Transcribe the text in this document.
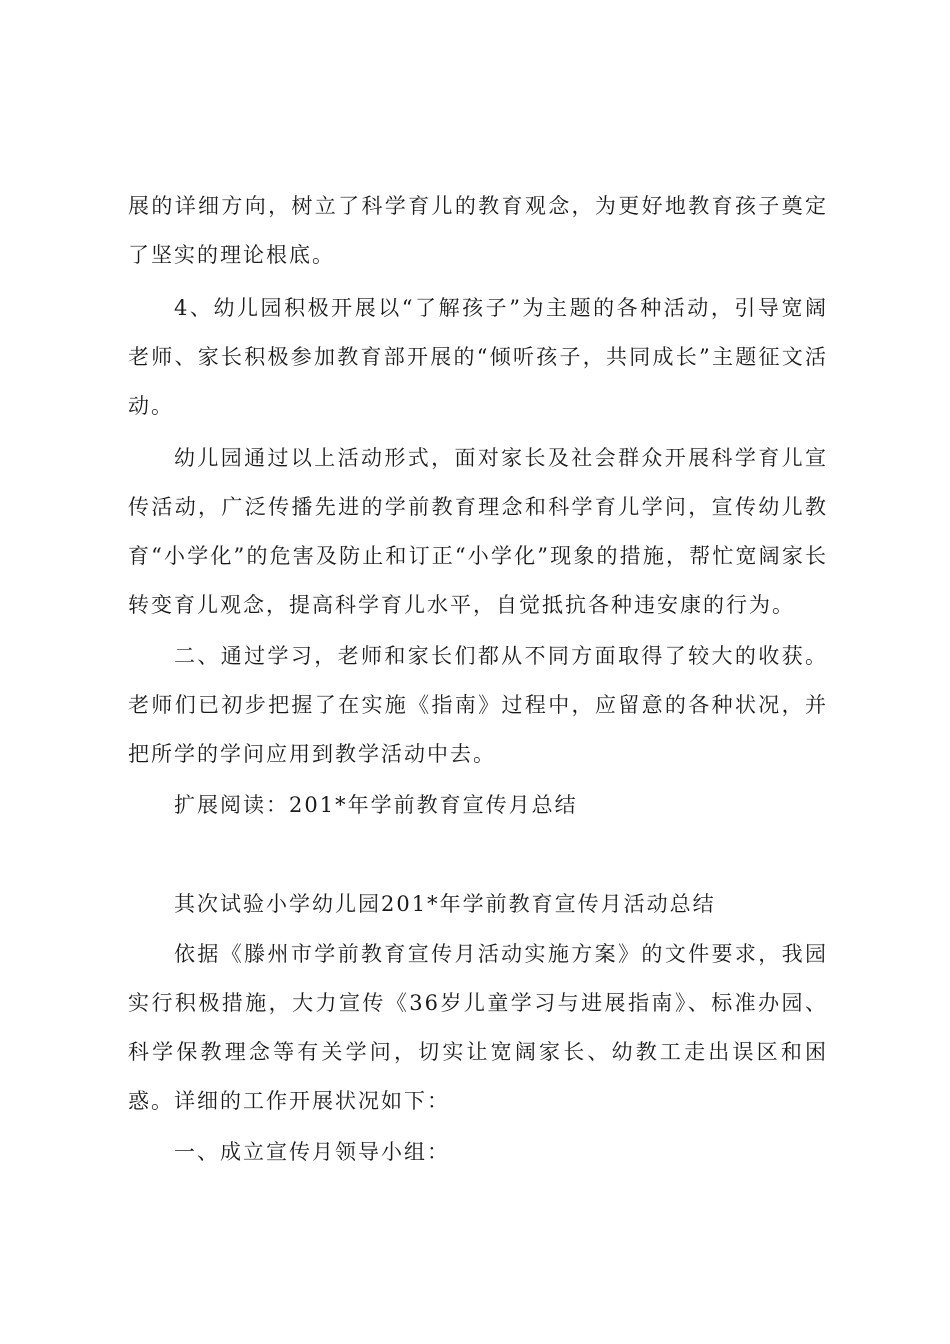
展的详细方向，树立了科学育儿的教育观念，为更好地教育孩子奠定了坚实的理论根底。

4、幼儿园积极开展以“了解孩子”为主题的各种活动，引导宽阔老师、家长积极参加教育部开展的“倾听孩子，共同成长”主题征文活动。

幼儿园通过以上活动形式，面对家长及社会群众开展科学育儿宣传活动，广泛传播先进的学前教育理念和科学育儿学问，宣传幼儿教育“小学化”的危害及防止和订正“小学化”现象的措施，帮忙宽阔家长转变育儿观念，提高科学育儿水平，自觉抵抗各种违安康的行为。

二、通过学习，老师和家长们都从不同方面取得了较大的收获。老师们已初步把握了在实施《指南》过程中，应留意的各种状况，并把所学的学问应用到教学活动中去。

扩展阅读：201*年学前教育宣传月总结

其次试验小学幼儿园201*年学前教育宣传月活动总结

依据《滕州市学前教育宣传月活动实施方案》的文件要求，我园实行积极措施，大力宣传《36岁儿童学习与进展指南》、标准办园、科学保教理念等有关学问，切实让宽阔家长、幼教工走出误区和困惑。详细的工作开展状况如下：

一、成立宣传月领导小组：
